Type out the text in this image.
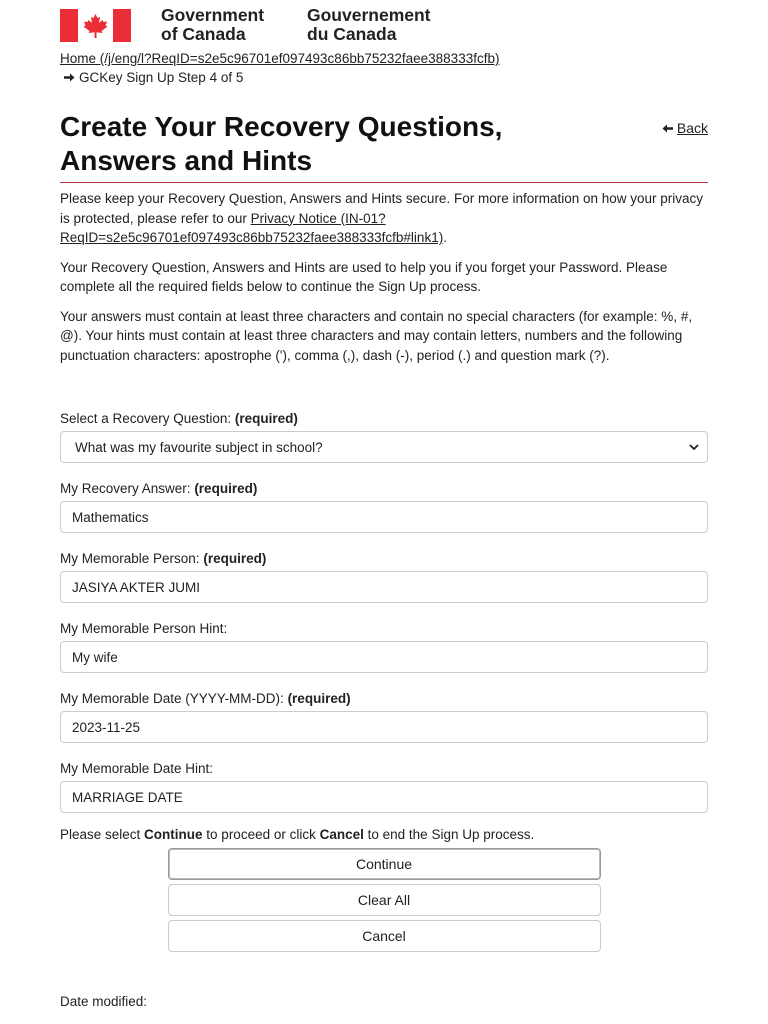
Government
of Canada
Gouvernement
du Canada
Home (/j/eng/l?ReqID=s2e5c96701ef097493c86bb75232faee388333fcfb)
GCKey Sign Up Step 4 of 5
Create Your Recovery Questions, Answers and Hints
Back

Please keep your Recovery Question, Answers and Hints secure. For more information on how your privacy is protected, please refer to our Privacy Notice (IN-01?ReqID=s2e5c96701ef097493c86bb75232faee388333fcfb#link1).

Your Recovery Question, Answers and Hints are used to help you if you forget your Password. Please complete all the required fields below to continue the Sign Up process.

Your answers must contain at least three characters and contain no special characters (for example: %, #, @). Your hints must contain at least three characters and may contain letters, numbers and the following punctuation characters: apostrophe ('), comma (,), dash (-), period (.) and question mark (?).

Select a Recovery Question: (required)
What was my favourite subject in school?
My Recovery Answer: (required)
Mathematics
My Memorable Person: (required)
JASIYA AKTER JUMI
My Memorable Person Hint:
My wife
My Memorable Date (YYYY-MM-DD): (required)
2023-11-25
My Memorable Date Hint:
MARRIAGE DATE
Please select Continue to proceed or click Cancel to end the Sign Up process.
Continue
Clear All
Cancel
Date modified:
